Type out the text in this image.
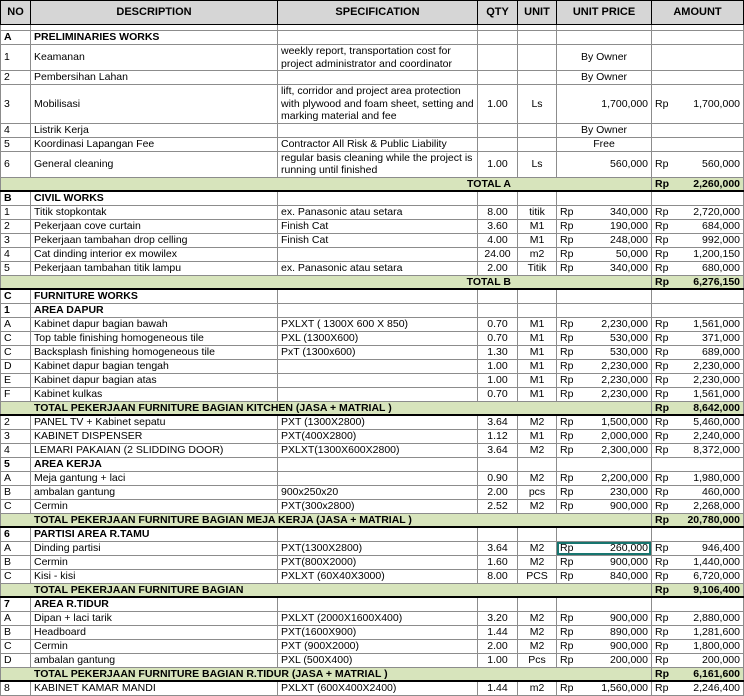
NO	DESCRIPTION	SPECIFICATION	QTY	UNIT	UNIT PRICE	AMOUNT

A	PRELIMINARIES WORKS					
1	Keamanan	weekly report, transportation cost for project administrator and coordinator			By Owner	
2	Pembersihan Lahan				By Owner	
3	Mobilisasi	lift, corridor and project area protection with plywood and foam sheet, setting and marking material and fee	1.00	Ls	1,700,000	Rp 1,700,000

4	Listrik Kerja				By Owner	
5	Koordinasi Lapangan Fee	Contractor All Risk & Public Liability			Free	
6	General cleaning	regular basis cleaning while the project is running until finished	1.00	Ls	560,000	Rp 560,000

TOTAL A						Rp 2,260,000

B	CIVIL WORKS					
1	Titik stopkontak	ex. Panasonic atau setara	8.00	titik	Rp 340,000	Rp 2,720,000

2	Pekerjaan cove curtain	Finish Cat	3.60	M1	Rp 190,000	Rp 684,000

3	Pekerjaan tambahan drop celling	Finish Cat	4.00	M1	Rp 248,000	Rp 992,000

4	Cat dinding interior ex mowilex		24.00	m2	Rp 50,000	Rp 1,200,150

5	Pekerjaan tambahan titik lampu	ex. Panasonic atau setara	2.00	Titik	Rp 340,000	Rp 680,000

TOTAL B						Rp 6,276,150

C	FURNITURE WORKS					
1	AREA DAPUR					
A	Kabinet dapur bagian bawah	PXLXT ( 1300X 600 X 850)	0.70	M1	Rp 2,230,000	Rp 1,561,000

C	Top table finishing homogeneous tile	PXL (1300X600)	0.70	M1	Rp 530,000	Rp 371,000

C	Backsplash finishing homogeneous tile	PxT (1300x600)	1.30	M1	Rp 530,000	Rp 689,000

D	Kabinet dapur bagian tengah		1.00	M1	Rp 2,230,000	Rp 2,230,000

E	Kabinet dapur bagian atas		1.00	M1	Rp 2,230,000	Rp 2,230,000

F	Kabinet kulkas		0.70	M1	Rp 2,230,000	Rp 1,561,000

TOTAL PEKERJAAN FURNITURE BAGIAN KITCHEN (JASA + MATRIAL )						Rp 8,642,000

2	PANEL TV + Kabinet sepatu	PXT (1300X2800)	3.64	M2	Rp 1,500,000	Rp 5,460,000

3	KABINET DISPENSER	PXT(400X2800)	1.12	M1	Rp 2,000,000	Rp 2,240,000

4	LEMARI PAKAIAN (2 SLIDDING DOOR)	PXLXT(1300X600X2800)	3.64	M2	Rp 2,300,000	Rp 8,372,000

5	AREA KERJA					
A	Meja gantung + laci		0.90	M2	Rp 2,200,000	Rp 1,980,000

B	ambalan gantung	900x250x20	2.00	pcs	Rp 230,000	Rp 460,000

C	Cermin	PXT(300x2800)	2.52	M2	Rp 900,000	Rp 2,268,000

TOTAL PEKERJAAN FURNITURE BAGIAN MEJA KERJA (JASA + MATRIAL )						Rp 20,780,000

6	PARTISI AREA R.TAMU					
A	Dinding partisi	PXT(1300X2800)	3.64	M2	Rp 260,000	Rp 946,400

B	Cermin	PXT(800X2000)	1.60	M2	Rp 900,000	Rp 1,440,000

C	Kisi - kisi	PXLXT (60X40X3000)	8.00	PCS	Rp 840,000	Rp 6,720,000

TOTAL PEKERJAAN FURNITURE BAGIAN						Rp 9,106,400

7	AREA R.TIDUR					
A	Dipan + laci tarik	PXLXT (2000X1600X400)	3.20	M2	Rp 900,000	Rp 2,880,000

B	Headboard	PXT(1600X900)	1.44	M2	Rp 890,000	Rp 1,281,600

C	Cermin	PXT (900X2000)	2.00	M2	Rp 900,000	Rp 1,800,000

D	ambalan gantung	PXL (500X400)	1.00	Pcs	Rp 200,000	Rp 200,000

TOTAL PEKERJAAN FURNITURE BAGIAN R.TIDUR (JASA + MATRIAL )						Rp 6,161,600

8	KABINET KAMAR MANDI	PXLXT (600X400X2400)	1.44	m2	Rp 1,560,000	Rp 2,246,400
